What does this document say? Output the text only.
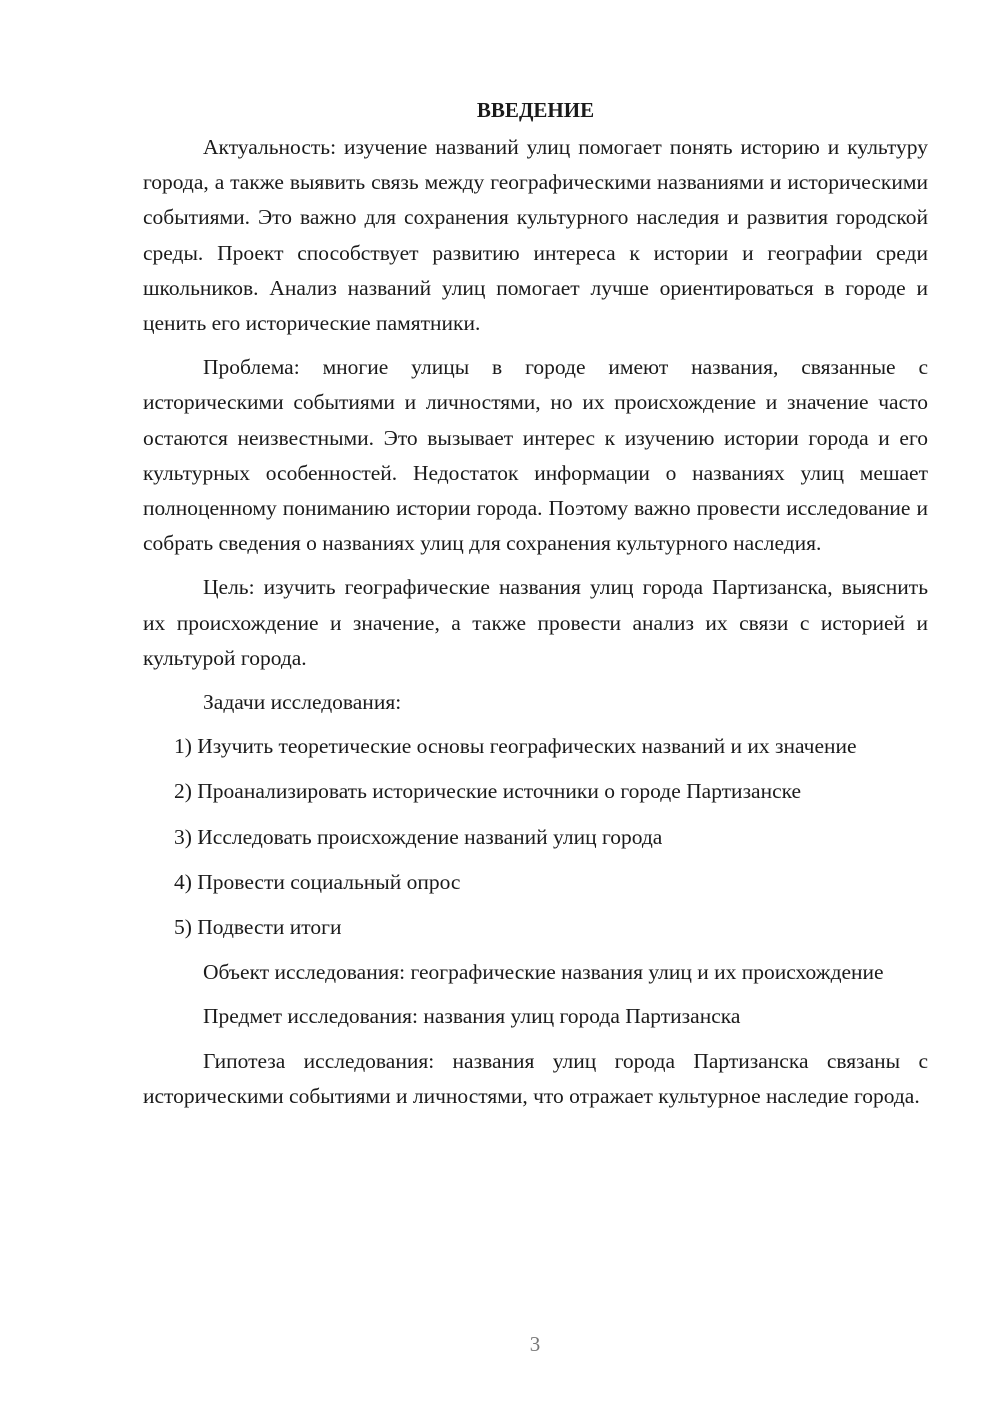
ВВЕДЕНИЕ

Актуальность: изучение названий улиц помогает понять историю и культуру города, а также выявить связь между географическими названиями и историческими событиями. Это важно для сохранения культурного наследия и развития городской среды. Проект способствует развитию интереса к истории и географии среди школьников. Анализ названий улиц помогает лучше ориентироваться в городе и ценить его исторические памятники.

Проблема: многие улицы в городе имеют названия, связанные с историческими событиями и личностями, но их происхождение и значение часто остаются неизвестными. Это вызывает интерес к изучению истории города и его культурных особенностей. Недостаток информации о названиях улиц мешает полноценному пониманию истории города. Поэтому важно провести исследование и собрать сведения о названиях улиц для сохранения культурного наследия.

Цель: изучить географические названия улиц города Партизанска, выяснить их происхождение и значение, а также провести анализ их связи с историей и культурой города.

Задачи исследования:

1) Изучить теоретические основы географических названий и их значение

2) Проанализировать исторические источники о городе Партизанске

3) Исследовать происхождение названий улиц города

4) Провести социальный опрос

5) Подвести итоги

Объект исследования: географические названия улиц и их происхождение

Предмет исследования: названия улиц города Партизанска

Гипотеза исследования: названия улиц города Партизанска связаны с историческими событиями и личностями, что отражает культурное наследие города.

3
